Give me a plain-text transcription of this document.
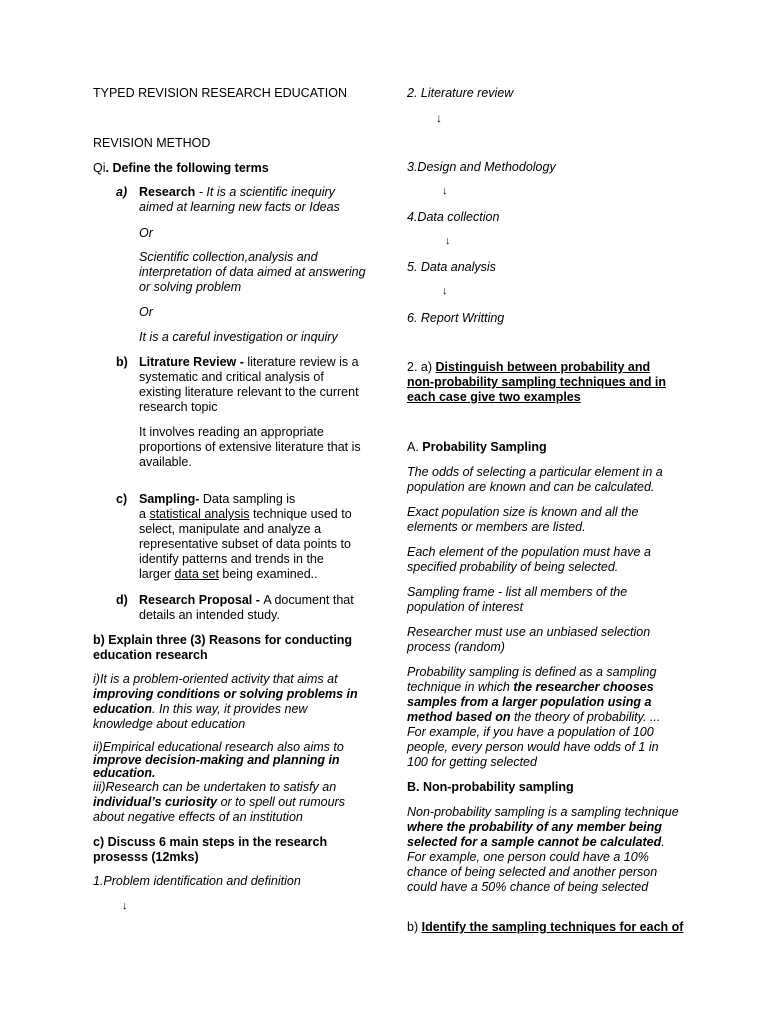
TYPED REVISION RESEARCH EDUCATION
REVISION METHOD
Qi. Define the following terms
a) Research - It is a scientific inequiry
aimed at learning new facts or Ideas
Or
Scientific collection,analysis and interpretation of data aimed at answering or solving problem
Or
It is a careful investigation or inquiry
b) Litrature Review - literature review is a systematic and critical analysis of existing literature relevant to the current research topic
It involves reading an appropriate proportions of extensive literature that is available.
c) Sampling- Data sampling is
a statistical analysis technique used to
select, manipulate and analyze a representative subset of data points to identify patterns and trends in the
larger data set being examined..
d) Research Proposal - A document that details an intended study.
b) Explain three (3) Reasons for conducting education research
i)It is a problem-oriented activity that aims at improving conditions or solving problems in education. In this way, it provides new knowledge about education
ii)Empirical educational research also aims to improve decision-making and planning in education.
iii)Research can be undertaken to satisfy an individual’s curiosity or to spell out rumours about negative effects of an institution
c) Discuss 6 main steps in the research prosesss (12mks)
1.Problem identification and definition
↓
2. Literature review
↓
3.Design and Methodology
↓
4.Data collection
↓
5. Data analysis
↓
6. Report Writting
2. a) Distinguish between probability and non-probability sampling techniques and in each case give two examples
A. Probability Sampling
The odds of selecting a particular element in a population are known and can be calculated.
Exact population size is known and all the elements or members are listed.
Each element of the population must have a specified probability of being selected.
Sampling frame - list all members of the population of interest
Researcher must use an unbiased selection process (random)
Probability sampling is defined as a sampling technique in which the researcher chooses samples from a larger population using a method based on the theory of probability. ... For example, if you have a population of 100 people, every person would have odds of 1 in 100 for getting selected
B. Non-probability sampling
Non-probability sampling is a sampling technique where the probability of any member being selected for a sample cannot be calculated. For example, one person could have a 10% chance of being selected and another person could have a 50% chance of being selected
b) Identify the sampling techniques for each of
